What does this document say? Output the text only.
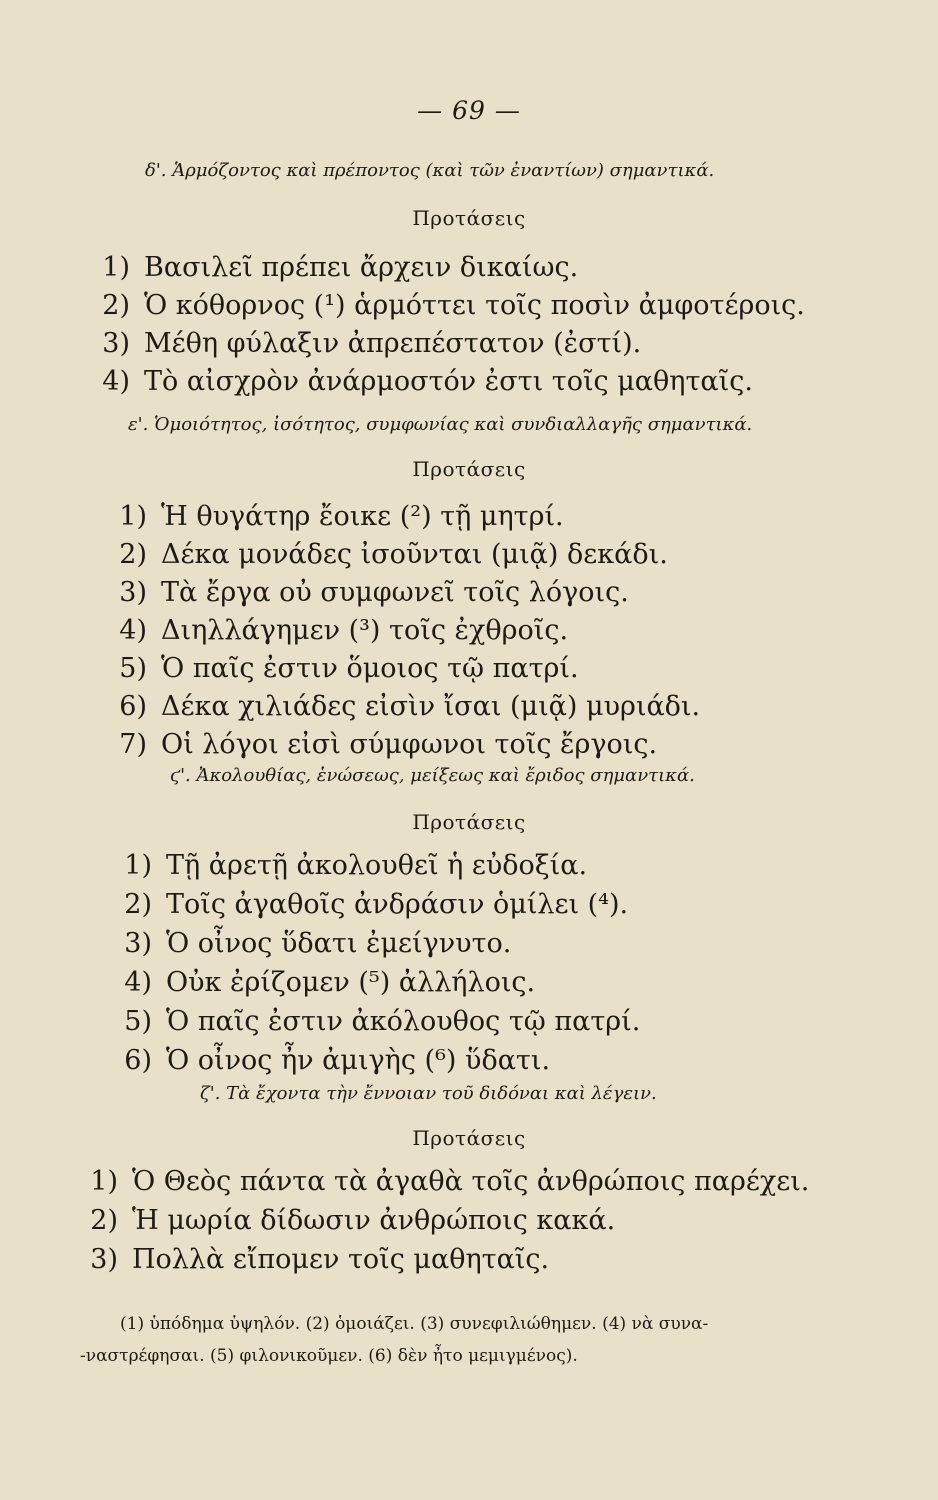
— 69 —
δ'. Ἁρμόζοντος καὶ πρέποντος (καὶ τῶν ἐναντίων) σημαντικά.
Προτάσεις
1) Βασιλεῖ πρέπει ἄρχειν δικαίως.
2) Ὁ κόθορνος (¹) ἁρμόττει τοῖς ποσὶν ἀμφοτέροις.
3) Μέθη φύλαξιν ἀπρεπέστατον (ἐστί).
4) Τὸ αἰσχρὸν ἀνάρμοστόν ἐστι τοῖς μαθηταῖς.
ε'. Ὁμοιότητος, ἰσότητος, συμφωνίας καὶ συνδιαλλαγῆς σημαντικά.
Προτάσεις
1) Ἡ θυγάτηρ ἔοικε (²) τῇ μητρί.
2) Δέκα μονάδες ἰσοῦνται (μιᾷ) δεκάδι.
3) Τὰ ἔργα οὐ συμφωνεῖ τοῖς λόγοις.
4) Διηλλάγημεν (³) τοῖς ἐχθροῖς.
5) Ὁ παῖς ἐστιν ὅμοιος τῷ πατρί.
6) Δέκα χιλιάδες εἰσὶν ἴσαι (μιᾷ) μυριάδι.
7) Οἱ λόγοι εἰσὶ σύμφωνοι τοῖς ἔργοις.
ϛ'. Ἀκολουθίας, ἑνώσεως, μείξεως καὶ ἔριδος σημαντικά.
Προτάσεις
1) Τῇ ἀρετῇ ἀκολουθεῖ ἡ εὐδοξία.
2) Τοῖς ἀγαθοῖς ἀνδράσιν ὁμίλει (⁴).
3) Ὁ οἶνος ὕδατι ἐμείγνυτο.
4) Οὐκ ἐρίζομεν (⁵) ἀλλήλοις.
5) Ὁ παῖς ἐστιν ἀκόλουθος τῷ πατρί.
6) Ὁ οἶνος ἦν ἀμιγὴς (⁶) ὕδατι.
ζ'. Τὰ ἔχοντα τὴν ἔννοιαν τοῦ διδόναι καὶ λέγειν.
Προτάσεις
1) Ὁ Θεὸς πάντα τὰ ἀγαθὰ τοῖς ἀνθρώποις παρέχει.
2) Ἡ μωρία δίδωσιν ἀνθρώποις κακά.
3) Πολλὰ εἴπομεν τοῖς μαθηταῖς.
(1) ὑπόδημα ὑψηλόν. (2) ὁμοιάζει. (3) συνεφιλιώθημεν. (4) νὰ συνα-
-ναστρέφησαι. (5) φιλονικοῦμεν. (6) δὲν ἦτο μεμιγμένος).
